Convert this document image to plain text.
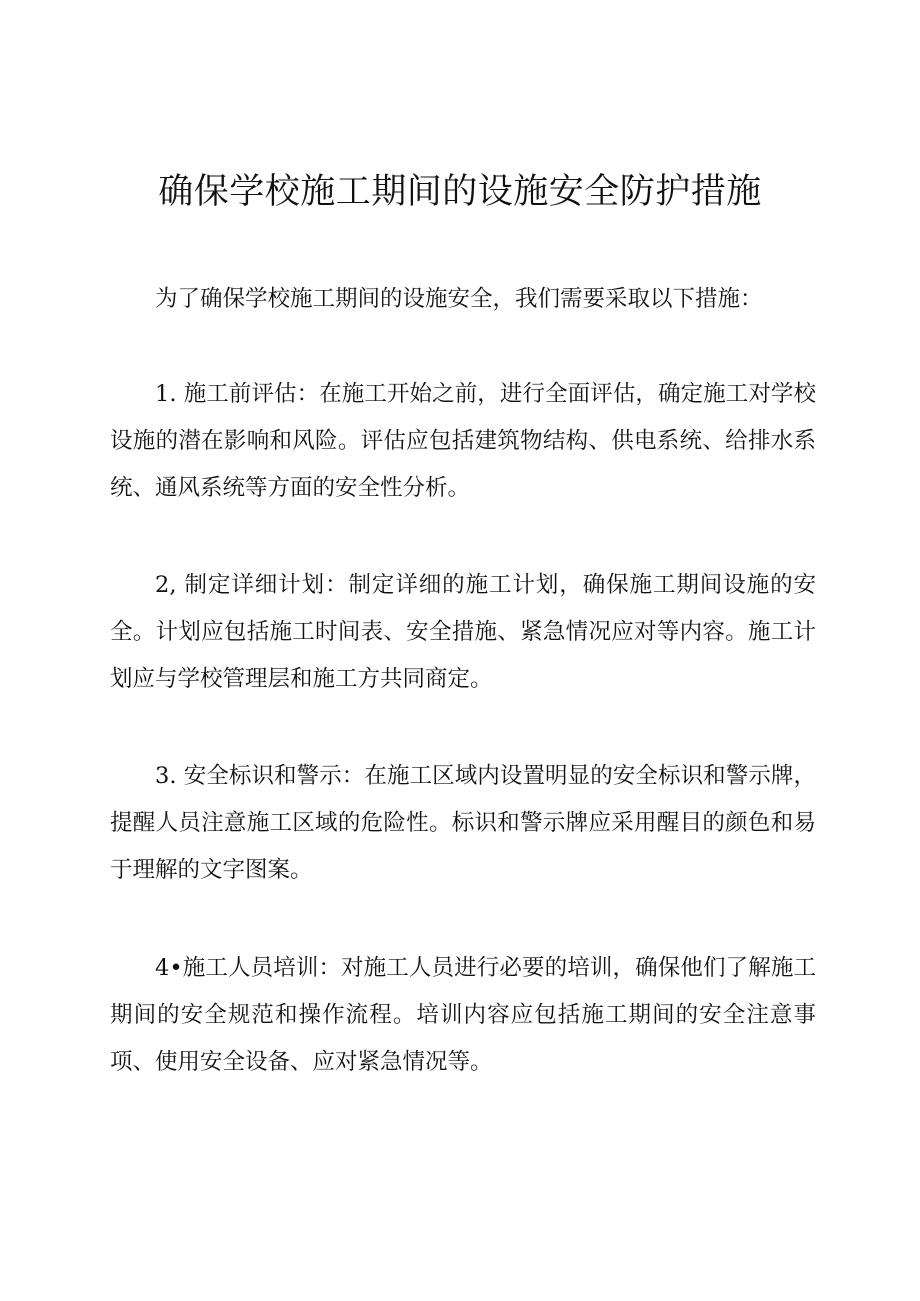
确保学校施工期间的设施安全防护措施

为了确保学校施工期间的设施安全，我们需要采取以下措施：

1. 施工前评估：在施工开始之前，进行全面评估，确定施工对学校设施的潜在影响和风险。评估应包括建筑物结构、供电系统、给排水系统、通风系统等方面的安全性分析。

2, 制定详细计划：制定详细的施工计划，确保施工期间设施的安全。计划应包括施工时间表、安全措施、紧急情况应对等内容。施工计划应与学校管理层和施工方共同商定。

3. 安全标识和警示：在施工区域内设置明显的安全标识和警示牌，提醒人员注意施工区域的危险性。标识和警示牌应采用醒目的颜色和易于理解的文字图案。

4•施工人员培训：对施工人员进行必要的培训，确保他们了解施工期间的安全规范和操作流程。培训内容应包括施工期间的安全注意事项、使用安全设备、应对紧急情况等。
